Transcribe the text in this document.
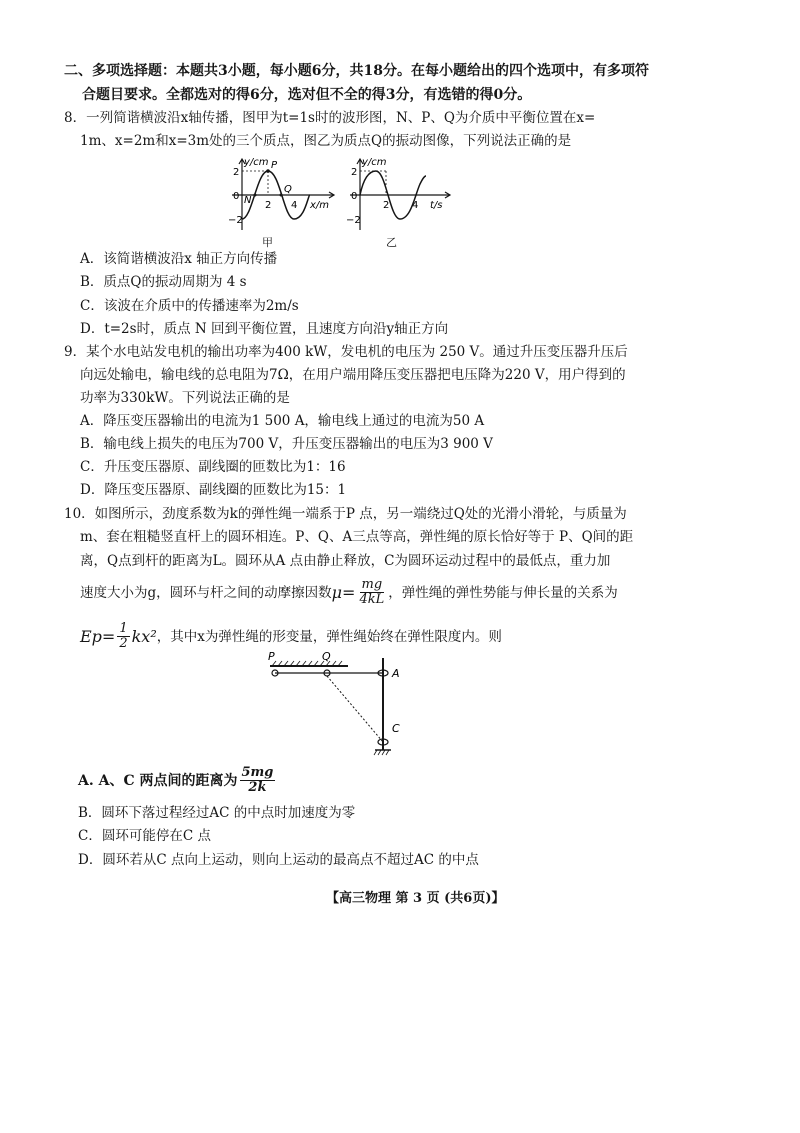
二、多项选择题：本题共3小题，每小题6分，共18分。在每小题给出的四个选项中，有多项符
合题目要求。全都选对的得6分，选对但不全的得3分，有选错的得0分。
8．一列简谐横波沿x轴传播，图甲为t=1s时的波形图，N、P、Q为介质中平衡位置在x=
1m、x=2m和x=3m处的三个质点，图乙为质点Q的振动图像，下列说法正确的是
y/cm P
N
Q
2
0
−2
2 4 x/m
甲
y/cm
2
0
−2
2 4 t/s
乙
A．该简谐横波沿x 轴正方向传播
B．质点Q的振动周期为 4 s
C．该波在介质中的传播速率为2m/s
D．t=2s时，质点 N 回到平衡位置，且速度方向沿y轴正方向
9．某个水电站发电机的输出功率为400 kW，发电机的电压为 250 V。通过升压变压器升压后
向远处输电，输电线的总电阻为7Ω，在用户端用降压变压器把电压降为220 V，用户得到的
功率为330kW。下列说法正确的是
A．降压变压器输出的电流为1 500 A，输电线上通过的电流为50 A
B．输电线上损失的电压为700 V，升压变压器输出的电压为3 900 V
C．升压变压器原、副线圈的匝数比为1：16
D．降压变压器原、副线圈的匝数比为15：1
10．如图所示，劲度系数为k的弹性绳一端系于P 点，另一端绕过Q处的光滑小滑轮，与质量为
m、套在粗糙竖直杆上的圆环相连。P、Q、A三点等高，弹性绳的原长恰好等于 P、Q间的距
离，Q点到杆的距离为L。圆环从A 点由静止释放，C为圆环运动过程中的最低点，重力加
速度大小为g，圆环与杆之间的动摩擦因数 $\mu= \frac{mg}{4kL}$ ，弹性绳的弹性势能与伸长量的关系为
$Ep= \frac{1}{2} kx^2$ ，其中x为弹性绳的形变量，弹性绳始终在弹性限度内。则
P	Q
A
C
A. A、C 两点间的距离为 $\frac{5mg}{2k}$
B．圆环下落过程经过AC 的中点时加速度为零
C．圆环可能停在C 点
D．圆环若从C 点向上运动，则向上运动的最高点不超过AC 的中点
【高三物理 第 3 页 (共6页)】
